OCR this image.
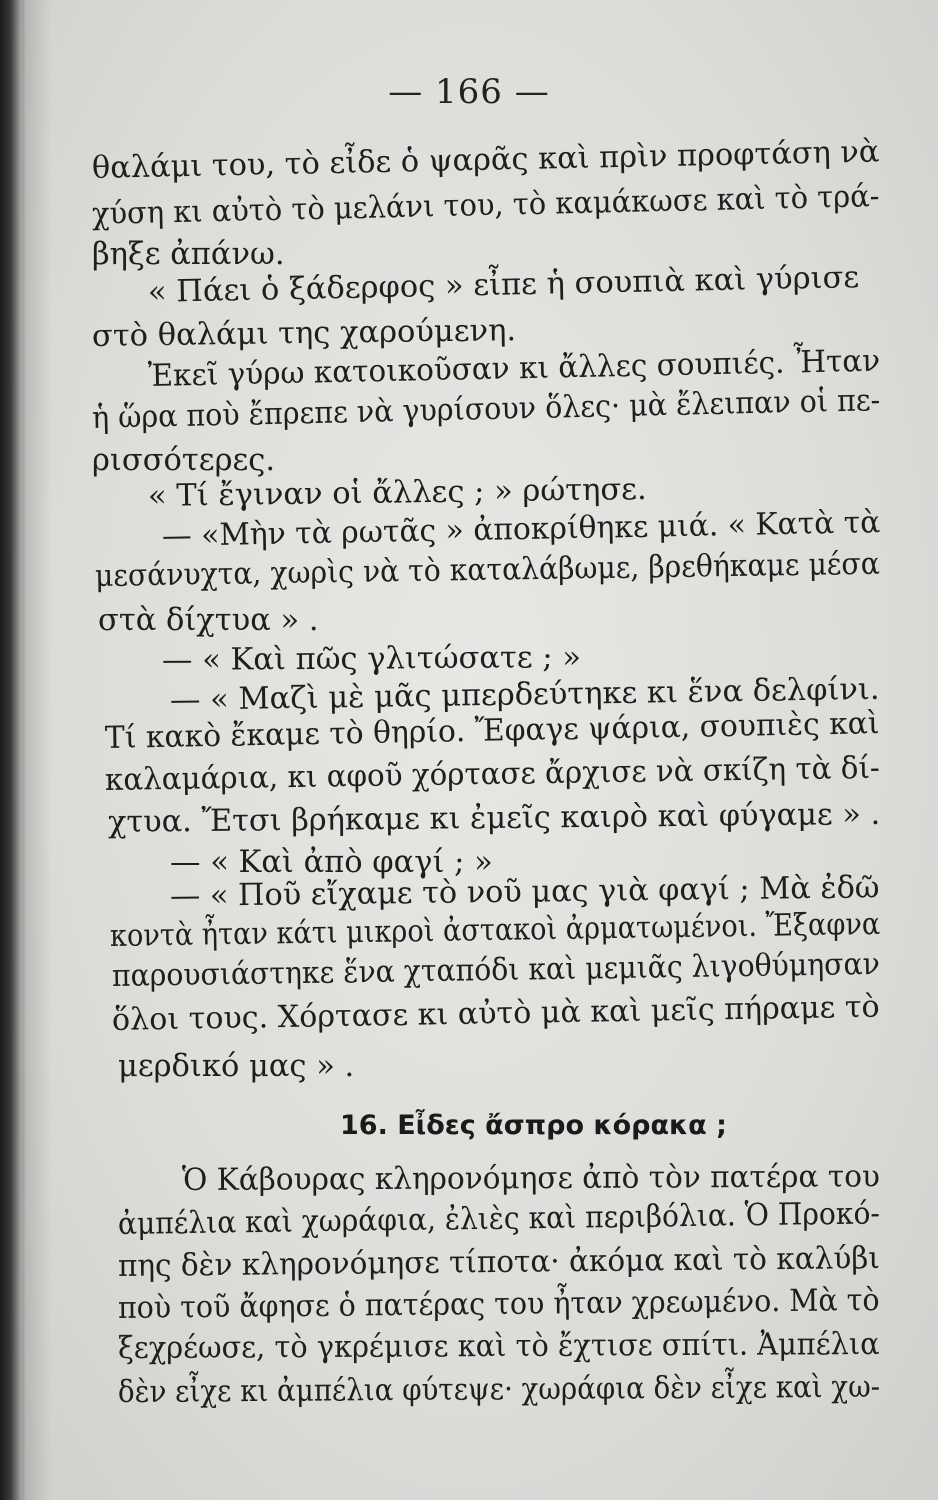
— 166 —
θαλάμι του, τὸ εἶδε ὁ ψαρᾶς καὶ πρὶν προφτάση νὰ
χύση κι αὐτὸ τὸ μελάνι του, τὸ καμάκωσε καὶ τὸ τρά-
βηξε ἀπάνω.
« Πάει ὁ ξάδερφος » εἶπε ἡ σουπιὰ καὶ γύρισε
στὸ θαλάμι της χαρούμενη.
Ἐκεῖ γύρω κατοικοῦσαν κι ἄλλες σουπιές. Ἦταν
ἡ ὥρα ποὺ ἔπρεπε νὰ γυρίσουν ὅλες· μὰ ἔλειπαν οἱ πε-
ρισσότερες.
« Τί ἔγιναν οἱ ἄλλες ; » ρώτησε.
— «Μὴν τὰ ρωτᾶς » ἀποκρίθηκε μιά. « Κατὰ τὰ
μεσάνυχτα, χωρὶς νὰ τὸ καταλάβωμε, βρεθήκαμε μέσα
στὰ δίχτυα » .
— « Καὶ πῶς γλιτώσατε ; »
— « Μαζὶ μὲ μᾶς μπερδεύτηκε κι ἕνα δελφίνι.
Τί κακὸ ἔκαμε τὸ θηρίο. Ἔφαγε ψάρια, σουπιὲς καὶ
καλαμάρια, κι αφοῦ χόρτασε ἄρχισε νὰ σκίζη τὰ δί-
χτυα. Ἔτσι βρήκαμε κι ἐμεῖς καιρὸ καὶ φύγαμε » .
— « Καὶ ἀπὸ φαγί ; »
— « Ποῦ εἴχαμε τὸ νοῦ μας γιὰ φαγί ; Μὰ ἐδῶ
κοντὰ ἦταν κάτι μικροὶ ἀστακοὶ ἀρματωμένοι. Ἔξαφνα
παρουσιάστηκε ἕνα χταπόδι καὶ μεμιᾶς λιγοθύμησαν
ὅλοι τους. Χόρτασε κι αὐτὸ μὰ καὶ μεῖς πήραμε τὸ
μερδικό μας » .
16. Εἶδες ἄσπρο κόρακα ;
Ὁ Κάβουρας κληρονόμησε ἀπὸ τὸν πατέρα του
ἀμπέλια καὶ χωράφια, ἐλιὲς καὶ περιβόλια. Ὁ Προκό-
πης δὲν κληρονόμησε τίποτα· ἀκόμα καὶ τὸ καλύβι
ποὺ τοῦ ἄφησε ὁ πατέρας του ἦταν χρεωμένο. Μὰ τὸ
ξεχρέωσε, τὸ γκρέμισε καὶ τὸ ἔχτισε σπίτι. Ἀμπέλια
δὲν εἶχε κι ἀμπέλια φύτεψε· χωράφια δὲν εἶχε καὶ χω-
